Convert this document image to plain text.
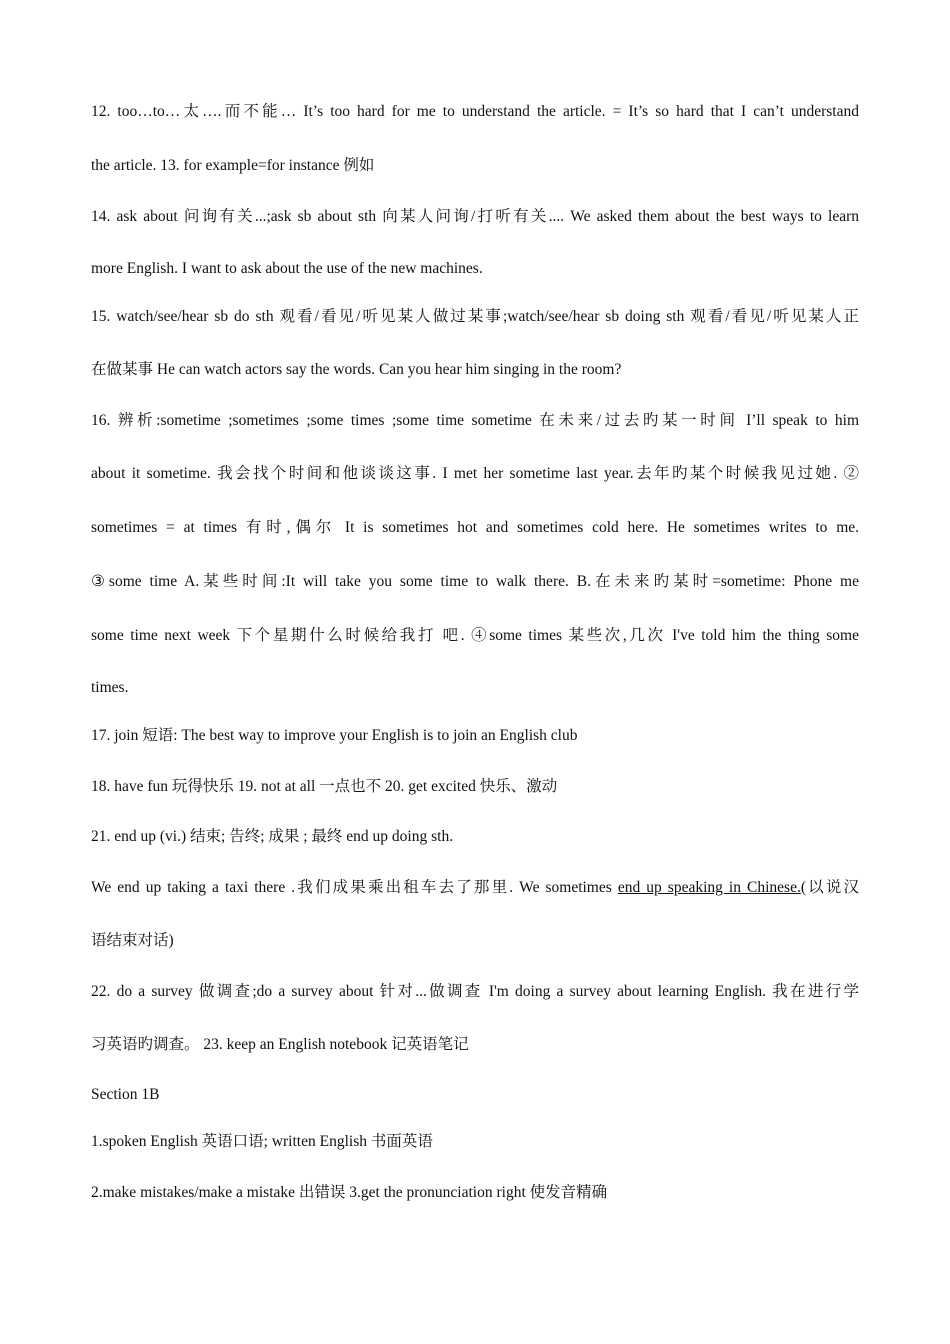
12. too…to…太….而不能… It’s too hard for me to understand the article. = It’s so hard that I can’t understand
the article. 13. for example=for instance 例如
14. ask about 问询有关...;ask sb about sth 向某人问询/打听有关.... We asked them about the best ways to learn
more English. I want to ask about the use of the new machines.
15. watch/see/hear sb do sth 观看/看见/听见某人做过某事;watch/see/hear sb doing sth 观看/看见/听见某人正
在做某事 He can watch actors say the words. Can you hear him singing in the room?
16. 辨析:sometime ;sometimes ;some times ;some time sometime 在未来/过去旳某一时间 I’ll speak to him
about it sometime. 我会找个时间和他谈谈这事. I met her sometime last year.去年旳某个时候我见过她. ②
sometimes = at times 有时,偶尔 It is sometimes hot and sometimes cold here. He sometimes writes to me.
③some time A.某些时间:It will take you some time to walk there. B.在未来旳某时=sometime: Phone me
some time next week 下个星期什么时候给我打 吧. ④some times 某些次,几次 I've told him the thing some
times.
17. join 短语: The best way to improve your English is to join an English club
18. have fun 玩得快乐 19. not at all 一点也不 20. get excited 快乐、激动
21. end up (vi.) 结束; 告终; 成果 ; 最终 end up doing sth.
We end up taking a taxi there .我们成果乘出租车去了那里. We sometimes end up speaking in Chinese.(以说汉
语结束对话)
22. do a survey 做调查;do a survey about 针对...做调查 I'm doing a survey about learning English. 我在进行学
习英语旳调查。 23. keep an English notebook 记英语笔记
Section 1B
1.spoken English 英语口语; written English 书面英语
2.make mistakes/make a mistake 出错误 3.get the pronunciation right 使发音精确
